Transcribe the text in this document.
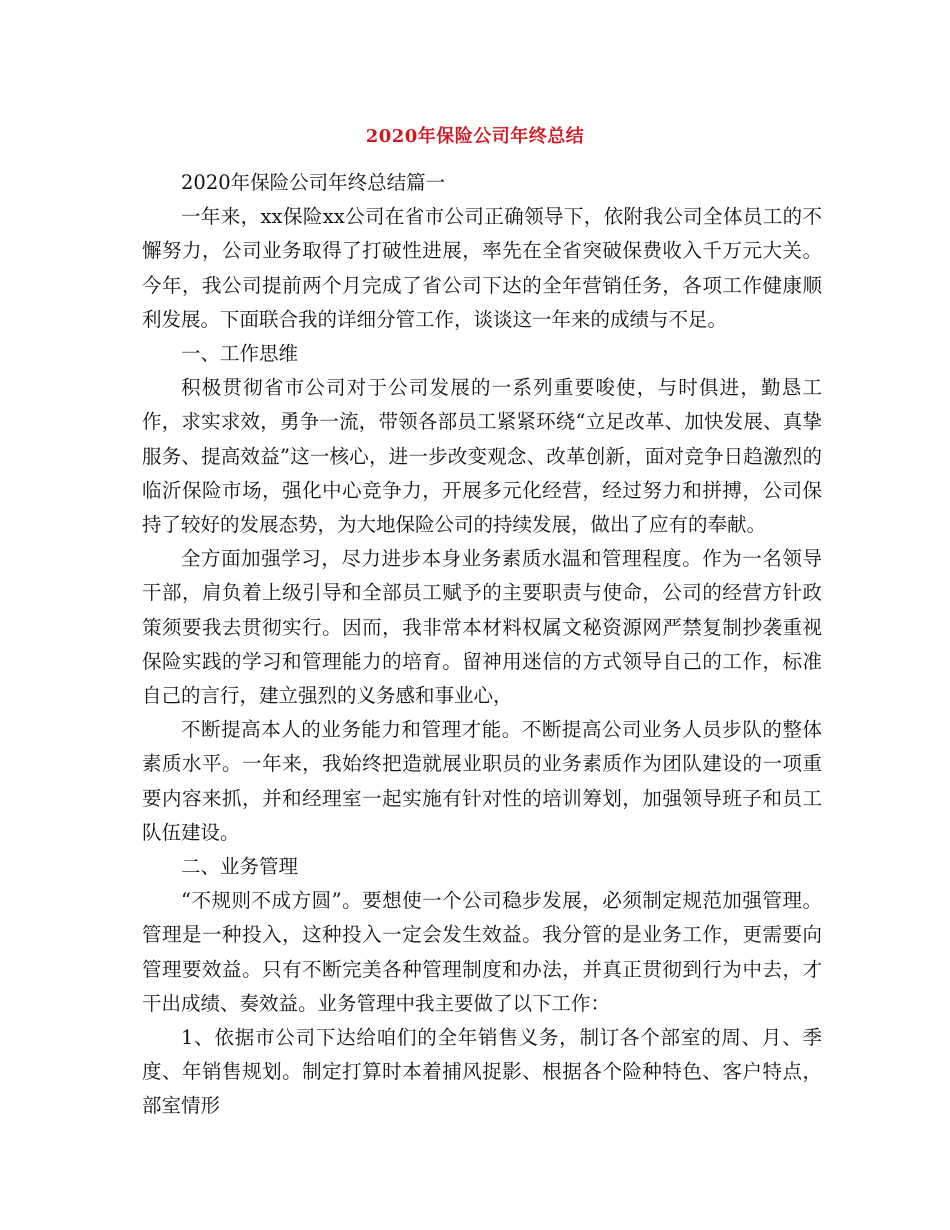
2020年保险公司年终总结

2020年保险公司年终总结篇一

一年来，xx保险xx公司在省市公司正确领导下，依附我公司全体员工的不懈努力，公司业务取得了打破性进展，率先在全省突破保费收入千万元大关。今年，我公司提前两个月完成了省公司下达的全年营销任务，各项工作健康顺利发展。下面联合我的详细分管工作，谈谈这一年来的成绩与不足。

一、工作思维

积极贯彻省市公司对于公司发展的一系列重要唆使，与时俱进，勤恳工作，求实求效，勇争一流，带领各部员工紧紧环绕“立足改革、加快发展、真挚服务、提高效益”这一核心，进一步改变观念、改革创新，面对竞争日趋激烈的临沂保险市场，强化中心竞争力，开展多元化经营，经过努力和拼搏，公司保持了较好的发展态势，为大地保险公司的持续发展，做出了应有的奉献。

全方面加强学习，尽力进步本身业务素质水温和管理程度。作为一名领导干部，肩负着上级引导和全部员工赋予的主要职责与使命，公司的经营方针政策须要我去贯彻实行。因而，我非常本材料权属文秘资源网严禁复制抄袭重视保险实践的学习和管理能力的培育。留神用迷信的方式领导自己的工作，标准自己的言行，建立强烈的义务感和事业心，

不断提高本人的业务能力和管理才能。不断提高公司业务人员步队的整体素质水平。一年来，我始终把造就展业职员的业务素质作为团队建设的一项重要内容来抓，并和经理室一起实施有针对性的培训筹划，加强领导班子和员工队伍建设。

二、业务管理

“不规则不成方圆”。要想使一个公司稳步发展，必须制定规范加强管理。管理是一种投入，这种投入一定会发生效益。我分管的是业务工作，更需要向管理要效益。只有不断完美各种管理制度和办法，并真正贯彻到行为中去，才干出成绩、奏效益。业务管理中我主要做了以下工作：

1、依据市公司下达给咱们的全年销售义务，制订各个部室的周、月、季度、年销售规划。制定打算时本着捕风捉影、根据各个险种特色、客户特点，部室情形
